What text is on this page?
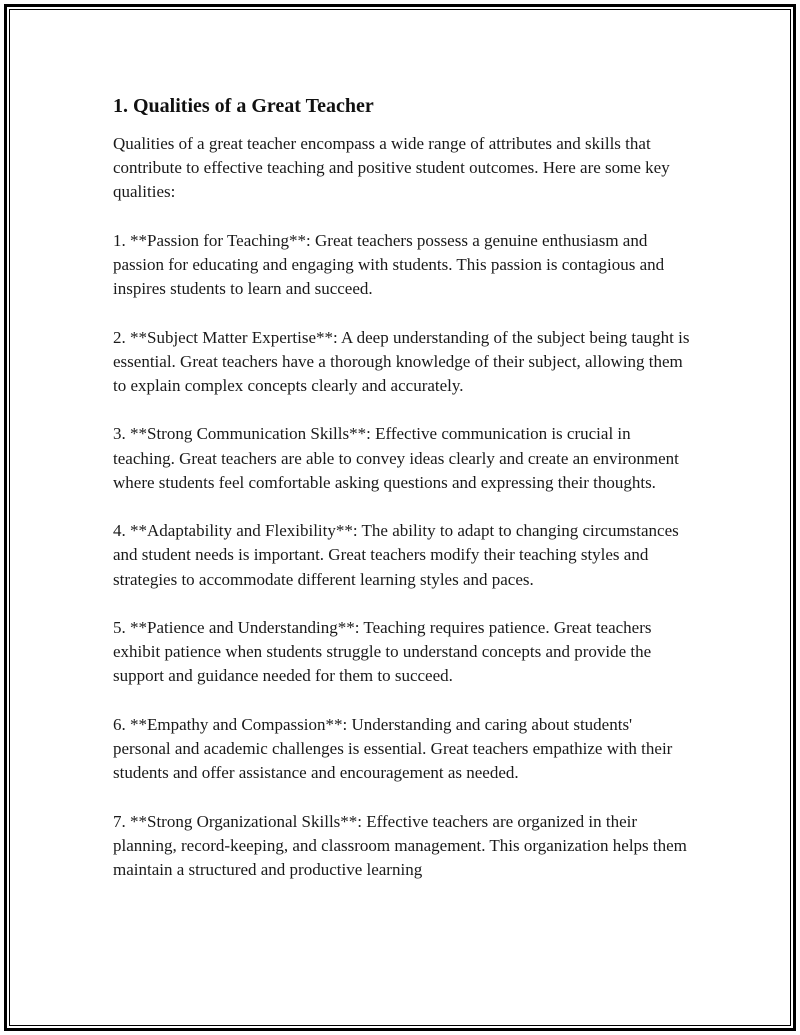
1. Qualities of a Great Teacher

Qualities of a great teacher encompass a wide range of attributes and skills that contribute to effective teaching and positive student outcomes. Here are some key qualities:

1. **Passion for Teaching**: Great teachers possess a genuine enthusiasm and passion for educating and engaging with students. This passion is contagious and inspires students to learn and succeed.

2. **Subject Matter Expertise**: A deep understanding of the subject being taught is essential. Great teachers have a thorough knowledge of their subject, allowing them to explain complex concepts clearly and accurately.

3. **Strong Communication Skills**: Effective communication is crucial in teaching. Great teachers are able to convey ideas clearly and create an environment where students feel comfortable asking questions and expressing their thoughts.

4. **Adaptability and Flexibility**: The ability to adapt to changing circumstances and student needs is important. Great teachers modify their teaching styles and strategies to accommodate different learning styles and paces.

5. **Patience and Understanding**: Teaching requires patience. Great teachers exhibit patience when students struggle to understand concepts and provide the support and guidance needed for them to succeed.

6. **Empathy and Compassion**: Understanding and caring about students' personal and academic challenges is essential. Great teachers empathize with their students and offer assistance and encouragement as needed.

7. **Strong Organizational Skills**: Effective teachers are organized in their planning, record-keeping, and classroom management. This organization helps them maintain a structured and productive learning
